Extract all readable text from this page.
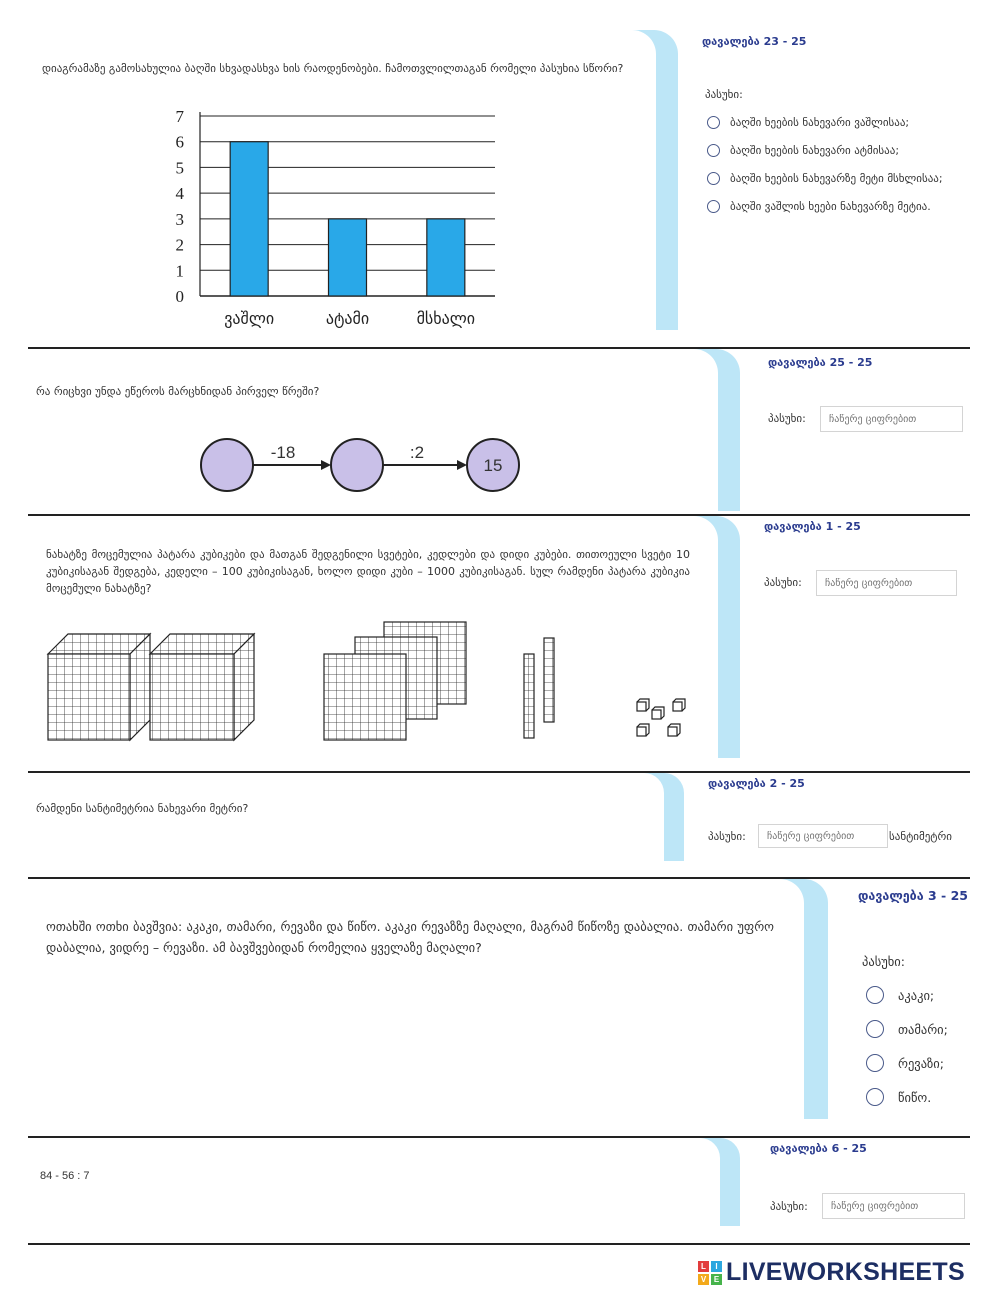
დიაგრამაზე გამოსახულია ბაღში სხვადასხვა ხის რაოდენობები. ჩამოთვლილთაგან რომელი პასუხია სწორი?
0
1
2
3
4
5
6
7
ვაშლი	ატამი	მსხალი
დავალება 23 - 25
პასუხი:
ბაღში ხეების ნახევარი ვაშლისაა;
ბაღში ხეების ნახევარი ატმისაა;
ბაღში ხეების ნახევარზე მეტი მსხლისაა;
ბაღში ვაშლის ხეები ნახევარზე მეტია.
რა რიცხვი უნდა ეწეროს მარცხნიდან პირველ წრეში?
-18	:2
15
დავალება 25 - 25
პასუხი:
ჩაწერე ციფრებით
ნახატზე მოცემულია პატარა კუბიკები და მათგან შედგენილი სვეტები, კედლები და დიდი კუბები. თითოეული სვეტი 10 კუბიკისაგან შედგება, კედელი – 100 კუბიკისაგან, ხოლო დიდი კუბი – 1000 კუბიკისაგან. სულ რამდენი პატარა კუბიკია მოცემული ნახატზე?
დავალება 1 - 25
პასუხი:
ჩაწერე ციფრებით
რამდენი სანტიმეტრია ნახევარი მეტრი?
დავალება 2 - 25
პასუხი:
ჩაწერე ციფრებით	სანტიმეტრი
ოთახში ოთხი ბავშვია: აკაკი, თამარი, რევაზი და წიწო. აკაკი რევაზზე მაღალი, მაგრამ წიწოზე დაბალია. თამარი უფრო დაბალია, ვიდრე – რევაზი. ამ ბავშვებიდან რომელია ყველაზე მაღალი?
დავალება 3 - 25
პასუხი:
აკაკი;
თამარი;
რევაზი;
წიწო.
84 - 56 : 7
დავალება 6 - 25
პასუხი:
ჩაწერე ციფრებით
L	I
V E LIVEWORKSHEETS
